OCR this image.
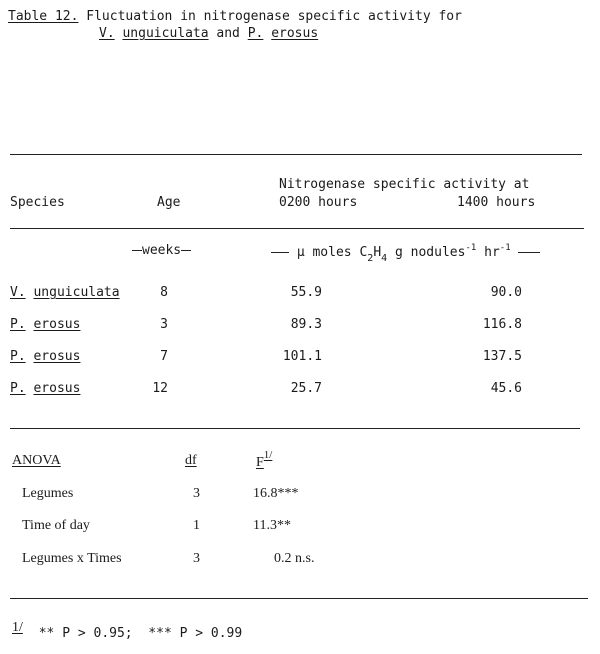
Table 12. Fluctuation in nitrogenase specific activity for
V. unguiculata and P. erosus
Nitrogenase specific activity at
Species	Age	0200 hours	1400 hours
weeks	µ moles $C_2H_4$ g nodules$^{-1}$ $hr^{-1}$
V. unguiculata	8	55.9	90.0
P. erosus	3	89.3	116.8
P. erosus	7	101.1	137.5
P. erosus	12	25.7	45.6
ANOVA	df	$F^{1/}$
Legumes	3	16.8***
Time of day	1	11.3**
Legumes x Times	3	0.2 n.s.
1/ ** P > 0.95;  *** P > 0.99
